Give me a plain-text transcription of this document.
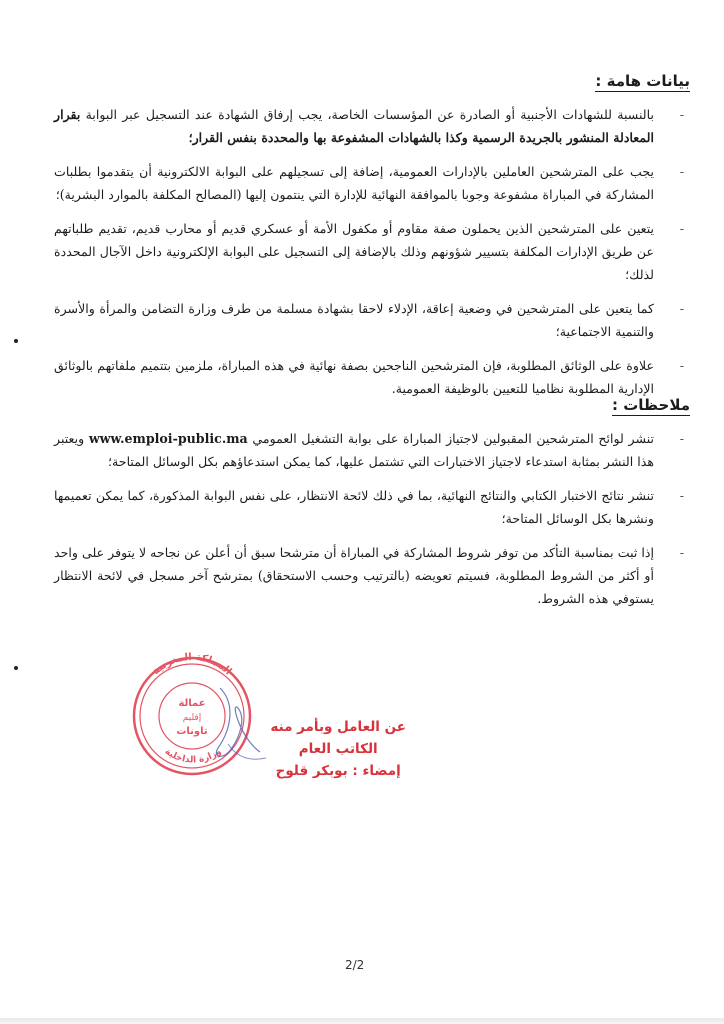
بيانات هامة :
-
بالنسبة للشهادات الأجنبية أو الصادرة عن المؤسسات الخاصة، يجب إرفاق الشهادة عند التسجيل عبر البوابة بقرار المعادلة المنشور بالجريدة الرسمية وكذا بالشهادات المشفوعة بها والمحددة بنفس القرار؛
-
يجب على المترشحين العاملين بالإدارات العمومية، إضافة إلى تسجيلهم على البوابة الالكترونية أن يتقدموا بطلبات المشاركة في المباراة مشفوعة وجوبا بالموافقة النهائية للإدارة التي ينتمون إليها (المصالح المكلفة بالموارد البشرية)؛
-
يتعين على المترشحين الذين يحملون صفة مقاوم أو مكفول الأمة أو عسكري قديم أو محارب قديم، تقديم طلباتهم عن طريق الإدارات المكلفة بتسيير شؤونهم وذلك بالإضافة إلى التسجيل على البوابة الإلكترونية داخل الآجال المحددة لذلك؛
-
كما يتعين على المترشحين في وضعية إعاقة، الإدلاء لاحقا بشهادة مسلمة من طرف وزارة التضامن والمرأة والأسرة والتنمية الاجتماعية؛
-
علاوة على الوثائق المطلوبة، فإن المترشحين الناجحين بصفة نهائية في هذه المباراة، ملزمين بتتميم ملفاتهم بالوثائق الإدارية المطلوبة نظاميا للتعيين بالوظيفة العمومية.
ملاحظات :
-
تنشر لوائح المترشحين المقبولين لاجتياز المباراة على بوابة التشغيل العمومي www.emploi-public.ma ويعتبر هذا النشر بمثابة استدعاء لاجتياز الاختبارات التي تشتمل عليها، كما يمكن استدعاؤهم بكل الوسائل المتاحة؛
-
تنشر نتائج الاختبار الكتابي والنتائج النهائية، بما في ذلك لائحة الانتظار، على نفس البوابة المذكورة، كما يمكن تعميمها ونشرها بكل الوسائل المتاحة؛
-
إذا ثبت بمناسبة التأكد من توفر شروط المشاركة في المباراة أن مترشحا سبق أن أعلن عن نجاحه لا يتوفر على واحد أو أكثر من الشروط المطلوبة، فسيتم تعويضه (بالترتيب وحسب الاستحقاق) بمترشح آخر مسجل في لائحة الانتظار يستوفي هذه الشروط.
المملكة المغربية
وزارة الداخلية
عمالة
إقليم
تاونات	عن العامل وبأمر منه
الكاتب العام
إمضاء : بوبكر قلوح
2/2
